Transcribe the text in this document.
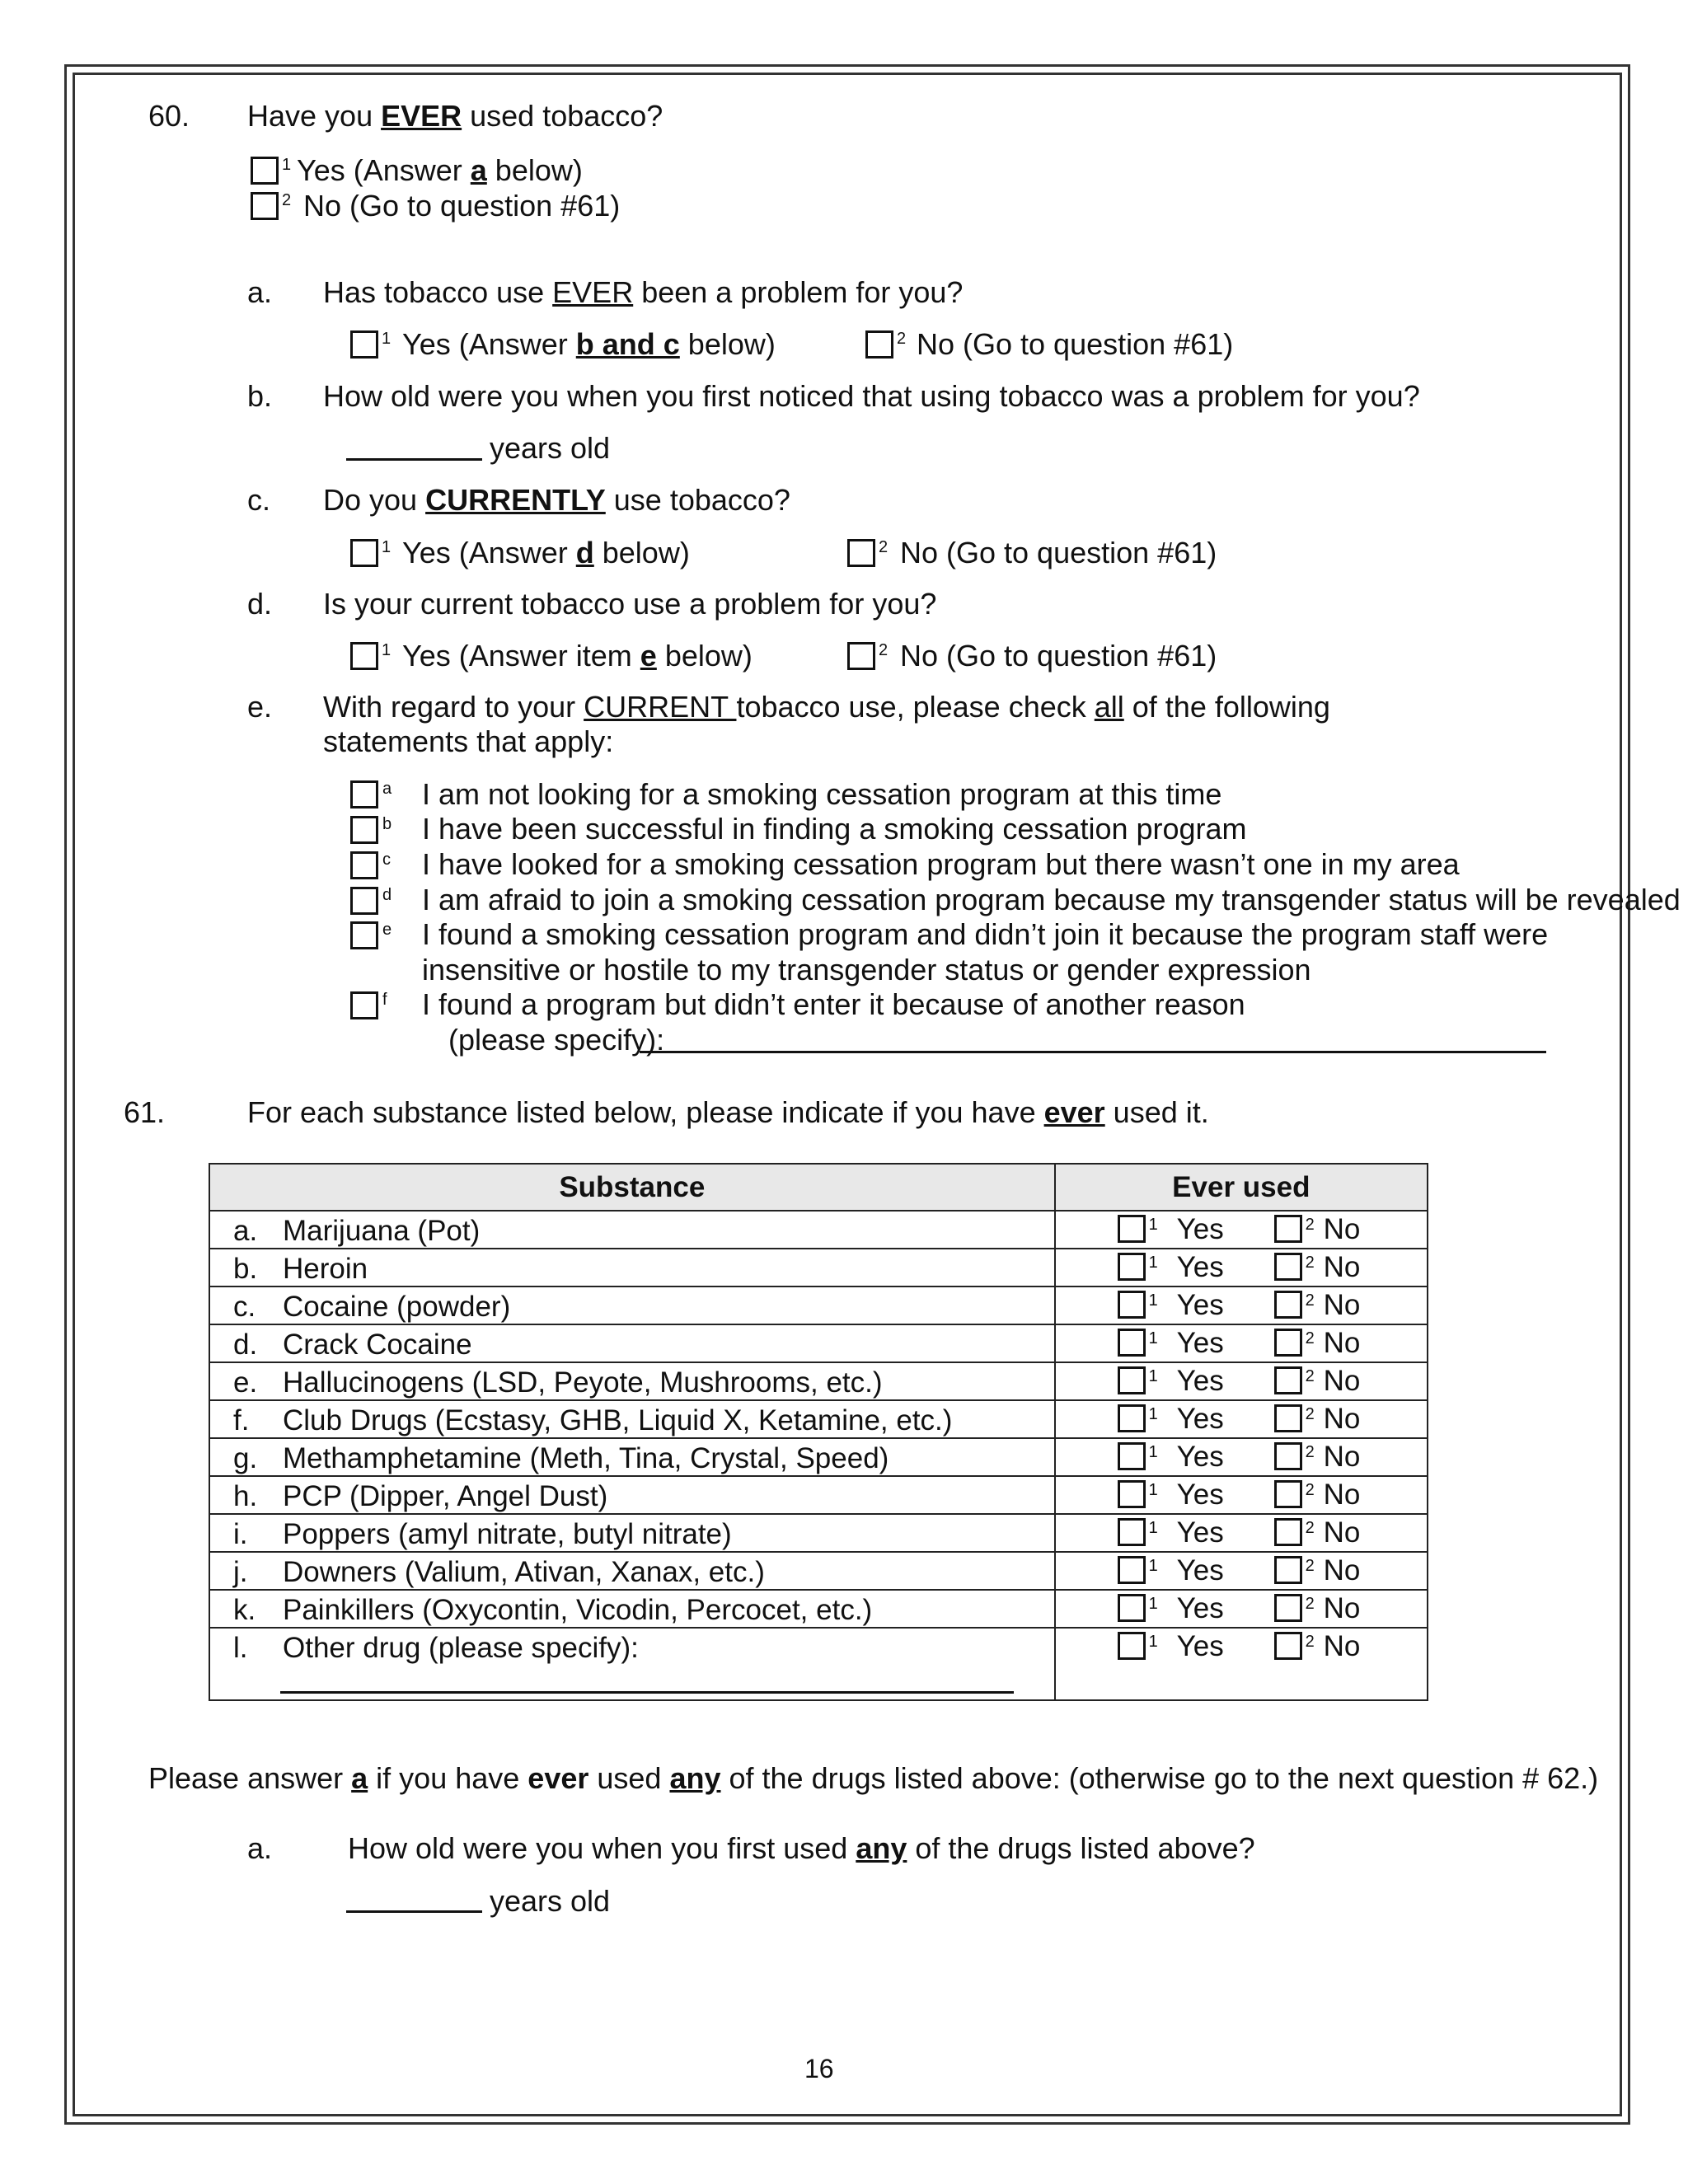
60. Have you EVER used tobacco?
1 Yes (Answer a below)
2 No (Go to question #61)
a. Has tobacco use EVER been a problem for you?
1 Yes (Answer b and c below)	2 No (Go to question #61)
b. How old were you when you first noticed that using tobacco was a problem for you?
years old
c. Do you CURRENTLY use tobacco?
1 Yes (Answer d below)	2 No (Go to question #61)
d. Is your current tobacco use a problem for you?
1 Yes (Answer item e below)	2 No (Go to question #61)
e. With regard to your CURRENT tobacco use, please check all of the following
statements that apply:
a I am not looking for a smoking cessation program at this time
b I have been successful in finding a smoking cessation program
c I have looked for a smoking cessation program but there wasn’t one in my area
d I am afraid to join a smoking cessation program because my transgender status will be revealed
e I found a smoking cessation program and didn’t join it because the program staff were
insensitive or hostile to my transgender status or gender expression
f I found a program but didn’t enter it because of another reason
(please specify):
61.	For each substance listed below, please indicate if you have ever used it.
Substance	Ever used

a. Marijuana (Pot)	1 Yes 2 No

b. Heroin	1 Yes 2 No

c. Cocaine (powder)	1 Yes 2 No

d. Crack Cocaine	1 Yes 2 No

e. Hallucinogens (LSD, Peyote, Mushrooms, etc.)	1 Yes 2 No

f. Club Drugs (Ecstasy, GHB, Liquid X, Ketamine, etc.)	1 Yes 2 No

g. Methamphetamine (Meth, Tina, Crystal, Speed)	1 Yes 2 No

h. PCP (Dipper, Angel Dust)	1 Yes 2 No

i. Poppers (amyl nitrate, butyl nitrate)	1 Yes 2 No

j. Downers (Valium, Ativan, Xanax, etc.)	1 Yes 2 No

k. Painkillers (Oxycontin, Vicodin, Percocet, etc.)	1 Yes 2 No

l. Other drug (please specify):	1 Yes 2 No
Please answer a if you have ever used any of the drugs listed above: (otherwise go to the next question # 62.)
a.	How old were you when you first used any of the drugs listed above?
years old
16
